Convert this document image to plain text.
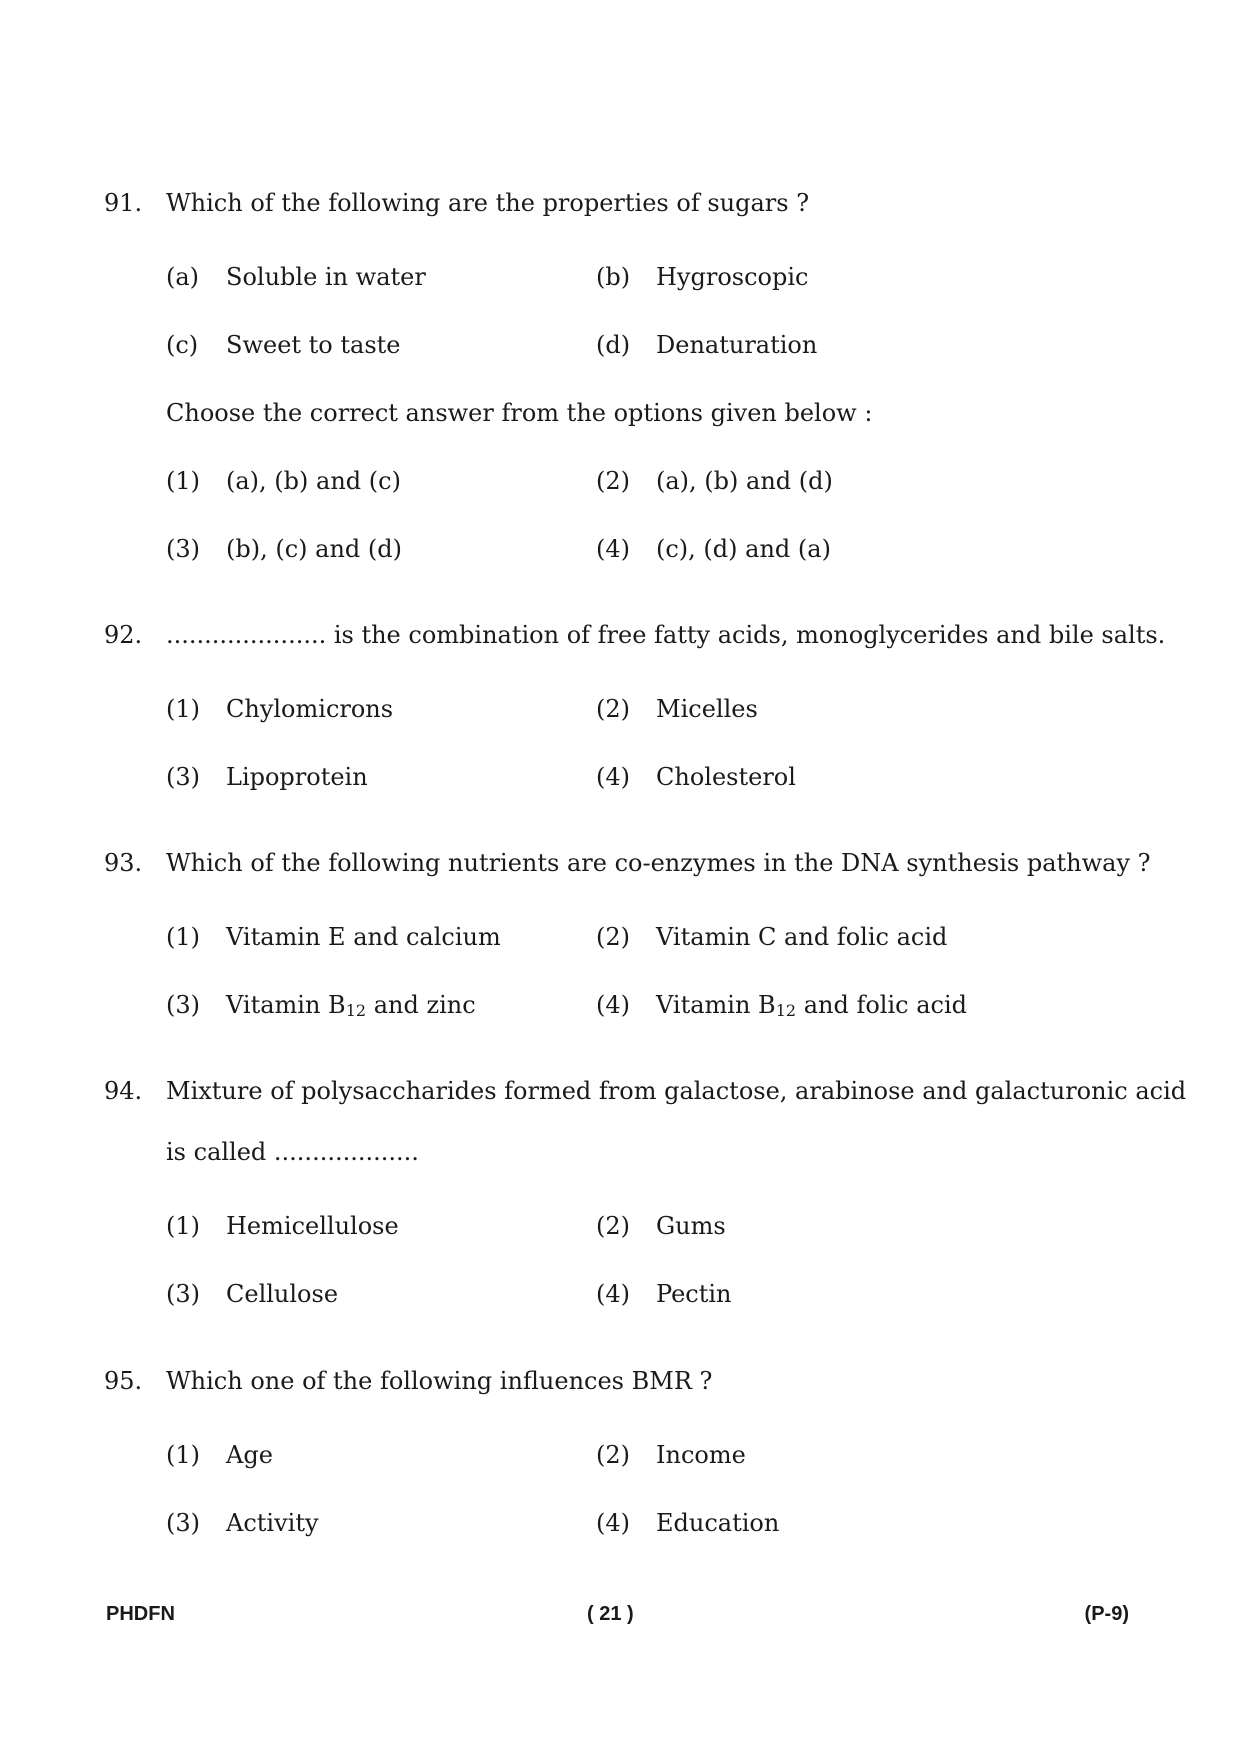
91. Which of the following are the properties of sugars ?
(a) Soluble in water	(b) Hygroscopic
(c) Sweet to taste	(d) Denaturation
Choose the correct answer from the options given below :
(1) (a), (b) and (c)	(2) (a), (b) and (d)
(3) (b), (c) and (d)	(4) (c), (d) and (a)
92. ..................... is the combination of free fatty acids, monoglycerides and bile salts.
(1) Chylomicrons	(2) Micelles
(3) Lipoprotein	(4) Cholesterol
93. Which of the following nutrients are co-enzymes in the DNA synthesis pathway ?
(1) Vitamin E and calcium	(2) Vitamin C and folic acid
(3) Vitamin $B_{12}$ and zinc	(4) Vitamin $B_{12}$ and folic acid
94. Mixture of polysaccharides formed from galactose, arabinose and galacturonic acid
is called ...................
(1) Hemicellulose	(2) Gums
(3) Cellulose	(4) Pectin
95. Which one of the following influences BMR ?
(1) Age	(2) Income
(3) Activity	(4) Education
PHDFN	( 21 )	(P-9)
